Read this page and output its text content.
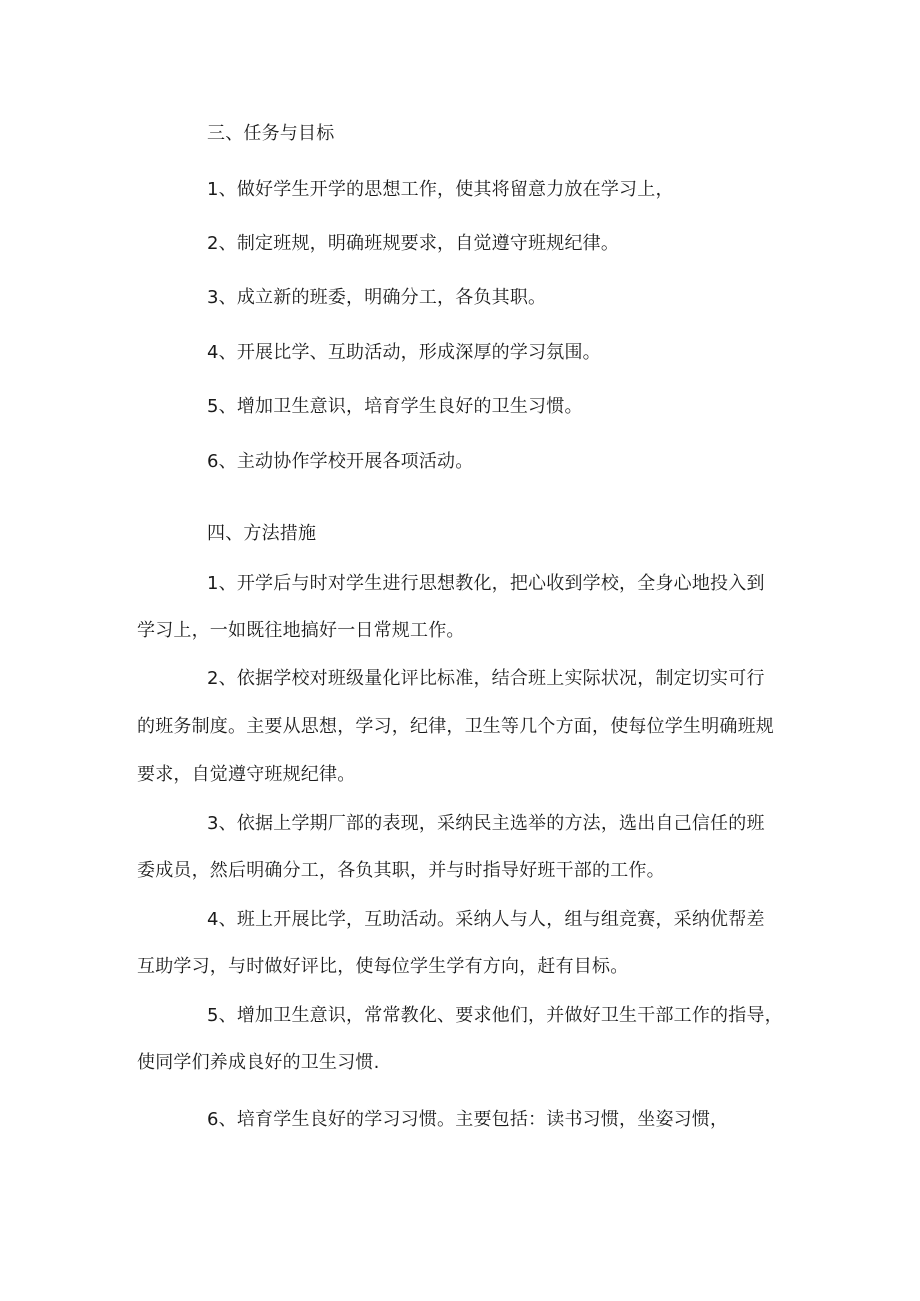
三、任务与目标

1、做好学生开学的思想工作，使其将留意力放在学习上，

2、制定班规，明确班规要求，自觉遵守班规纪律。

3、成立新的班委，明确分工，各负其职。

4、开展比学、互助活动，形成深厚的学习氛围。

5、增加卫生意识，培育学生良好的卫生习惯。

6、主动协作学校开展各项活动。

四、方法措施

1、开学后与时对学生进行思想教化，把心收到学校，全身心地投入到

学习上，一如既往地搞好一日常规工作。

2、依据学校对班级量化评比标准，结合班上实际状况，制定切实可行

的班务制度。主要从思想，学习，纪律，卫生等几个方面，使每位学生明确班规

要求，自觉遵守班规纪律。

3、依据上学期厂部的表现，采纳民主选举的方法，选出自己信任的班

委成员，然后明确分工，各负其职，并与时指导好班干部的工作。

4、班上开展比学，互助活动。采纳人与人，组与组竞赛，采纳优帮差

互助学习，与时做好评比，使每位学生学有方向，赶有目标。

5、增加卫生意识，常常教化、要求他们，并做好卫生干部工作的指导，

使同学们养成良好的卫生习惯.

6、培育学生良好的学习习惯。主要包括：读书习惯，坐姿习惯，
